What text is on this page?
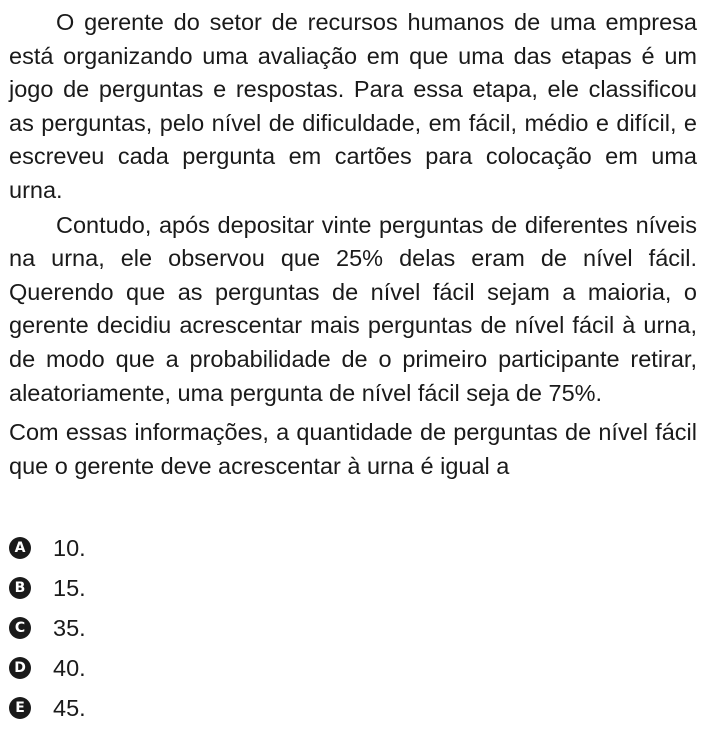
O gerente do setor de recursos humanos de uma empresa está organizando uma avaliação em que uma das etapas é um jogo de perguntas e respostas. Para essa etapa, ele classificou as perguntas, pelo nível de dificuldade, em fácil, médio e difícil, e escreveu cada pergunta em cartões para colocação em uma urna.

Contudo, após depositar vinte perguntas de diferentes níveis na urna, ele observou que 25% delas eram de nível fácil. Querendo que as perguntas de nível fácil sejam a maioria, o gerente decidiu acrescentar mais perguntas de nível fácil à urna, de modo que a probabilidade de o primeiro participante retirar, aleatoriamente, uma pergunta de nível fácil seja de 75%.

Com essas informações, a quantidade de perguntas de nível fácil que o gerente deve acrescentar à urna é igual a

A 10.
B 15.
C 35.
D 40.
E 45.
